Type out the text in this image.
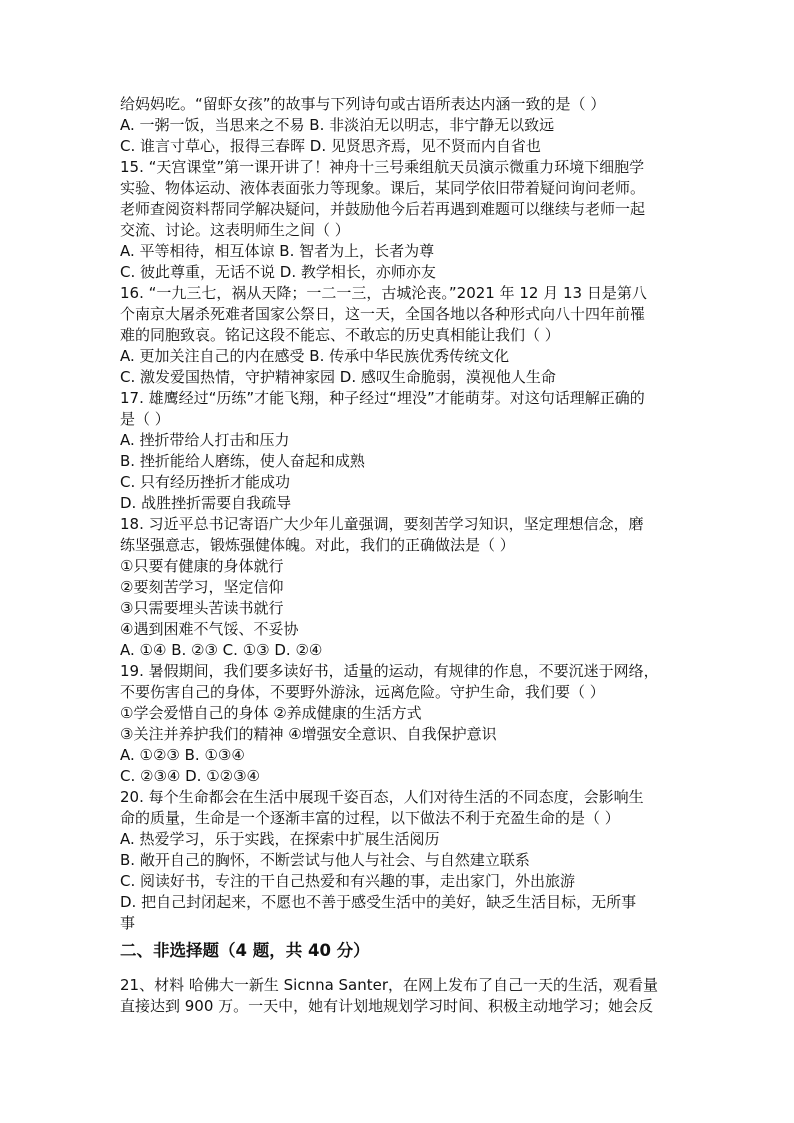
给妈妈吃。“留虾女孩”的故事与下列诗句或古语所表达内涵一致的是（ ）
A. 一粥一饭，当思来之不易 B. 非淡泊无以明志，非宁静无以致远
C. 谁言寸草心，报得三春晖 D. 见贤思齐焉，见不贤而内自省也
15. “天宫课堂”第一课开讲了！神舟十三号乘组航天员演示微重力环境下细胞学
实验、物体运动、液体表面张力等现象。课后，某同学依旧带着疑问询问老师。
老师查阅资料帮同学解决疑问，并鼓励他今后若再遇到难题可以继续与老师一起
交流、讨论。这表明师生之间（ ）
A. 平等相待，相互体谅 B. 智者为上，长者为尊
C. 彼此尊重，无话不说 D. 教学相长，亦师亦友
16. “一九三七，祸从天降；一二一三，古城沦丧。”2021 年 12 月 13 日是第八
个南京大屠杀死难者国家公祭日，这一天，全国各地以各种形式向八十四年前罹
难的同胞致哀。铭记这段不能忘、不敢忘的历史真相能让我们（ ）
A. 更加关注自己的内在感受 B. 传承中华民族优秀传统文化
C. 激发爱国热情，守护精神家园 D. 感叹生命脆弱，漠视他人生命
17. 雄鹰经过“历练”才能飞翔，种子经过“埋没”才能萌芽。对这句话理解正确的
是（ ）
A. 挫折带给人打击和压力
B. 挫折能给人磨练，使人奋起和成熟
C. 只有经历挫折才能成功
D. 战胜挫折需要自我疏导
18. 习近平总书记寄语广大少年儿童强调，要刻苦学习知识，坚定理想信念，磨
练坚强意志，锻炼强健体魄。对此，我们的正确做法是（ ）
①只要有健康的身体就行
②要刻苦学习，坚定信仰
③只需要埋头苦读书就行
④遇到困难不气馁、不妥协
A. ①④ B. ②③ C. ①③ D. ②④
19. 暑假期间，我们要多读好书，适量的运动，有规律的作息，不要沉迷于网络，
不要伤害自己的身体，不要野外游泳，远离危险。守护生命，我们要（ ）
①学会爱惜自己的身体 ②养成健康的生活方式
③关注并养护我们的精神 ④增强安全意识、自我保护意识
A. ①②③ B. ①③④
C. ②③④ D. ①②③④
20. 每个生命都会在生活中展现千姿百态，人们对待生活的不同态度，会影响生
命的质量，生命是一个逐渐丰富的过程，以下做法不利于充盈生命的是（ ）
A. 热爱学习，乐于实践，在探索中扩展生活阅历
B. 敞开自己的胸怀，不断尝试与他人与社会、与自然建立联系
C. 阅读好书，专注的干自己热爱和有兴趣的事，走出家门，外出旅游
D. 把自己封闭起来，不愿也不善于感受生活中的美好，缺乏生活目标，无所事
事
二、非选择题（4 题，共 40 分）
21、材料 哈佛大一新生 Sicnna Santer，在网上发布了自己一天的生活，观看量
直接达到 900 万。一天中，她有计划地规划学习时间、积极主动地学习；她会反
